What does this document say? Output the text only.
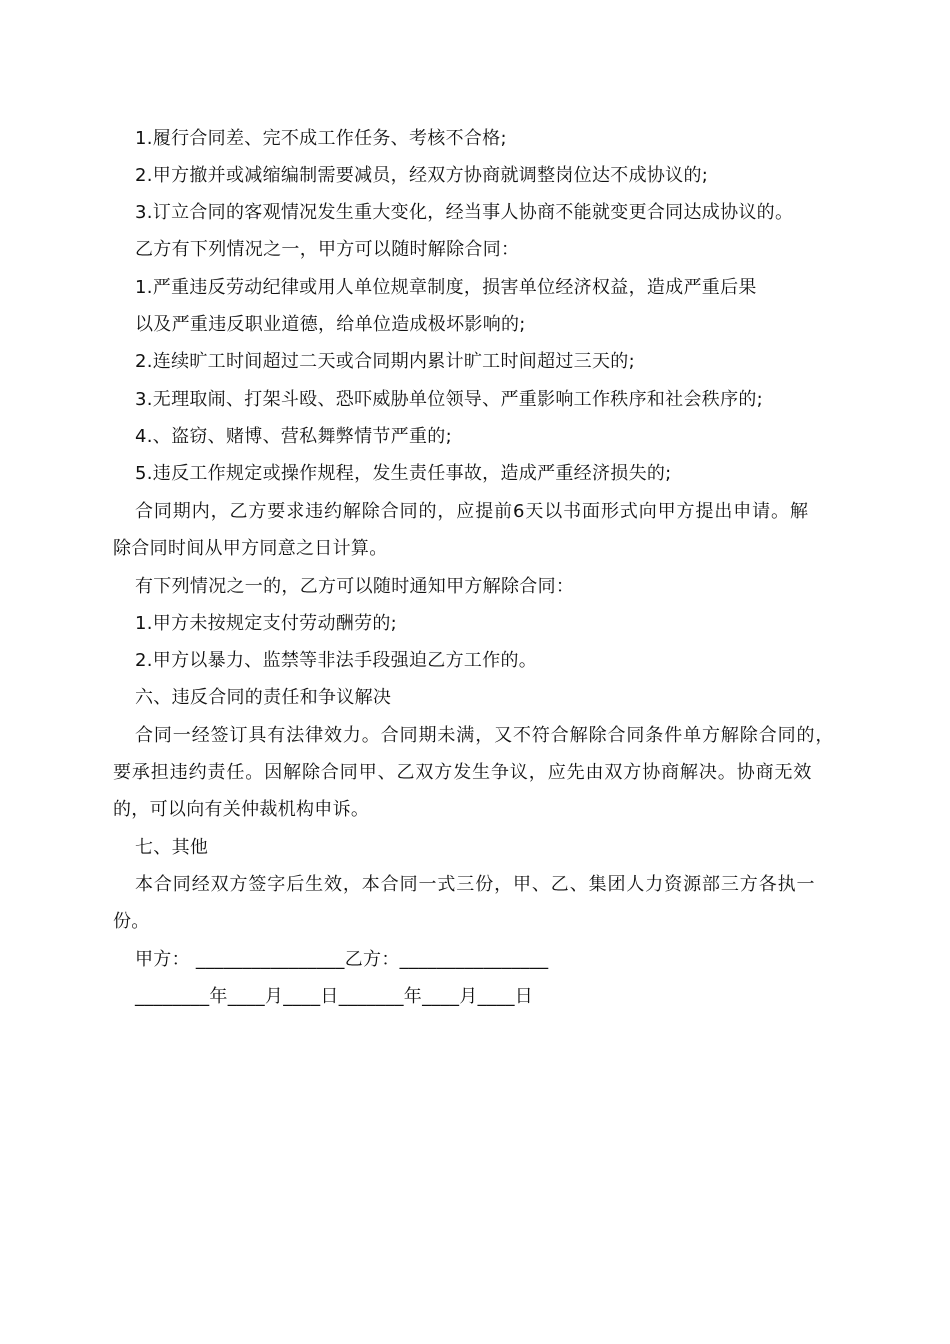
1.履行合同差、完不成工作任务、考核不合格;
2.甲方撤并或减缩编制需要减员，经双方协商就调整岗位达不成协议的;
3.订立合同的客观情况发生重大变化，经当事人协商不能就变更合同达成协议的。
乙方有下列情况之一，甲方可以随时解除合同：
1.严重违反劳动纪律或用人单位规章制度，损害单位经济权益，造成严重后果
以及严重违反职业道德，给单位造成极坏影响的;
2.连续旷工时间超过二天或合同期内累计旷工时间超过三天的;
3.无理取闹、打架斗殴、恐吓威胁单位领导、严重影响工作秩序和社会秩序的;
4.、盗窃、赌博、营私舞弊情节严重的;
5.违反工作规定或操作规程，发生责任事故，造成严重经济损失的;
合同期内，乙方要求违约解除合同的，应提前6天以书面形式向甲方提出申请。解
除合同时间从甲方同意之日计算。
有下列情况之一的，乙方可以随时通知甲方解除合同：
1.甲方未按规定支付劳动酬劳的;
2.甲方以暴力、监禁等非法手段强迫乙方工作的。
六、违反合同的责任和争议解决
合同一经签订具有法律效力。合同期未满，又不符合解除合同条件单方解除合同的，
要承担违约责任。因解除合同甲、乙双方发生争议，应先由双方协商解决。协商无效
的，可以向有关仲裁机构申诉。
七、其他
本合同经双方签字后生效，本合同一式三份，甲、乙、集团人力资源部三方各执一
份。
甲方： ________________乙方：________________
________年____月____日_______年____月____日
